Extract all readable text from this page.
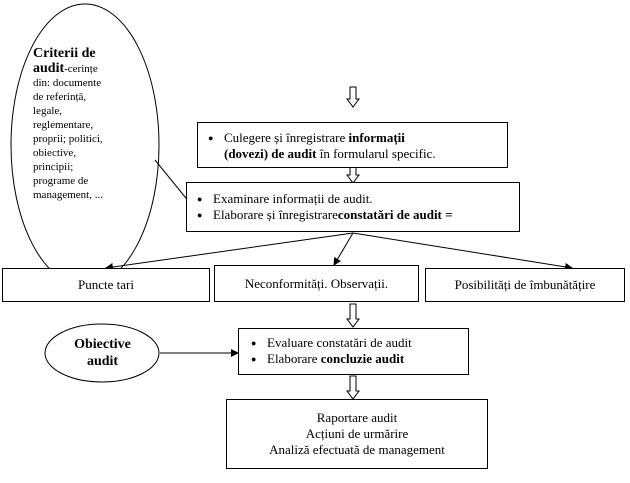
Criterii de
audit-cerințe
din: documente
de referință,
legale,
reglementare,
proprii; politici,
obiective,
principii;
programe de
management, ...
● Culegere și înregistrare informații
(dovezi) de audit în formularul specific.
● Examinare informații de audit.
● Elaborare și înregistrareconstatări de audit =
Puncte tari	Neconformități. Observații.	Posibilități de îmbunătățire
Obiective
audit
● Evaluare constatări de audit
● Elaborare concluzie audit
Raportare audit
Acțiuni de urmărire
Analiză efectuată de management
